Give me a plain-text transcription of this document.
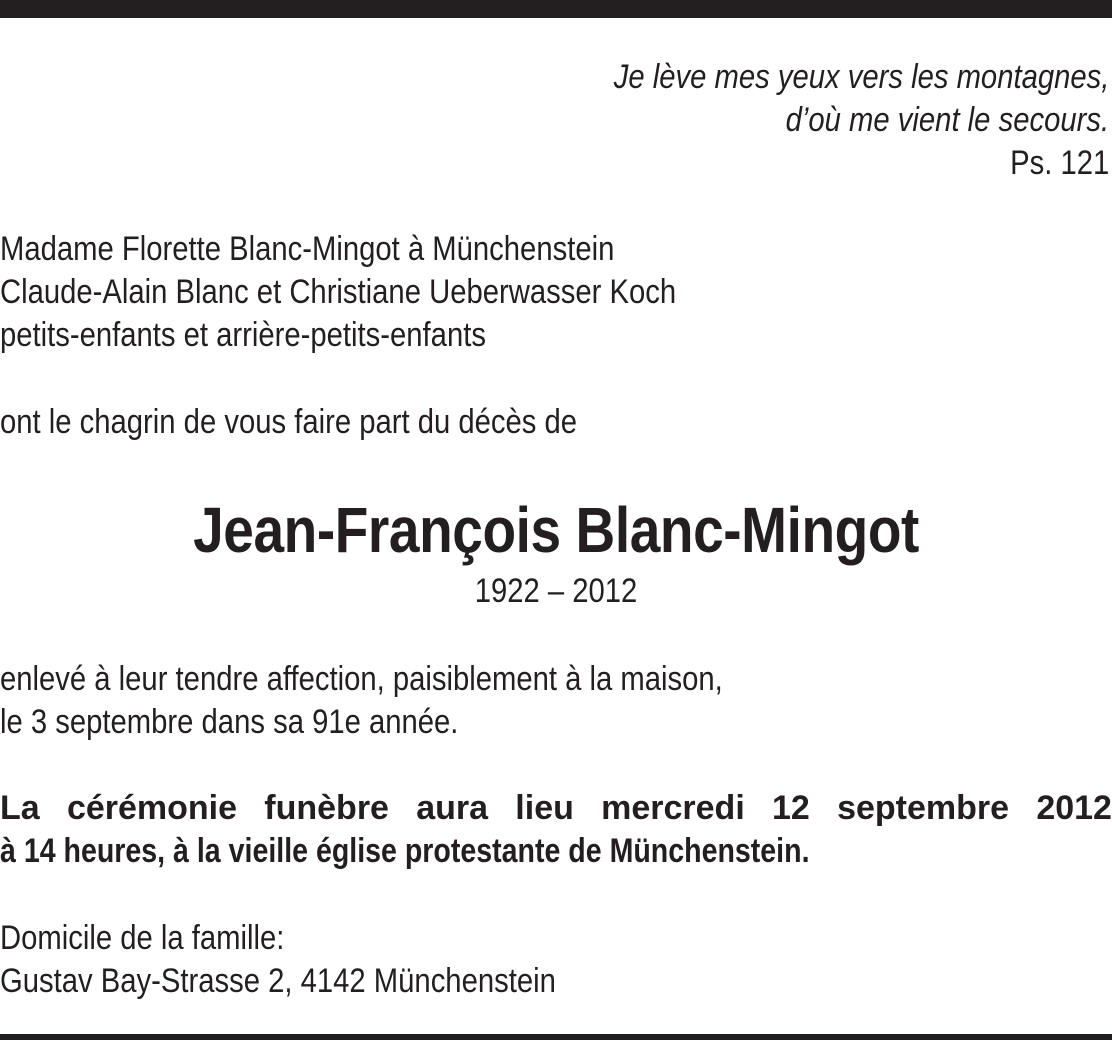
Je lève mes yeux vers les montagnes,
d’où me vient le secours.
Ps. 121
Madame Florette Blanc-Mingot à Münchenstein
Claude-Alain Blanc et Christiane Ueberwasser Koch
petits-enfants et arrière-petits-enfants
ont le chagrin de vous faire part du décès de
Jean-François Blanc-Mingot
1922 – 2012
enlevé à leur tendre affection, paisiblement à la maison,
le 3 septembre dans sa 91e année.
La cérémonie funèbre aura lieu mercredi 12 septembre 2012
à 14 heures, à la vieille église protestante de Münchenstein.
Domicile de la famille:
Gustav Bay-Strasse 2, 4142 Münchenstein
